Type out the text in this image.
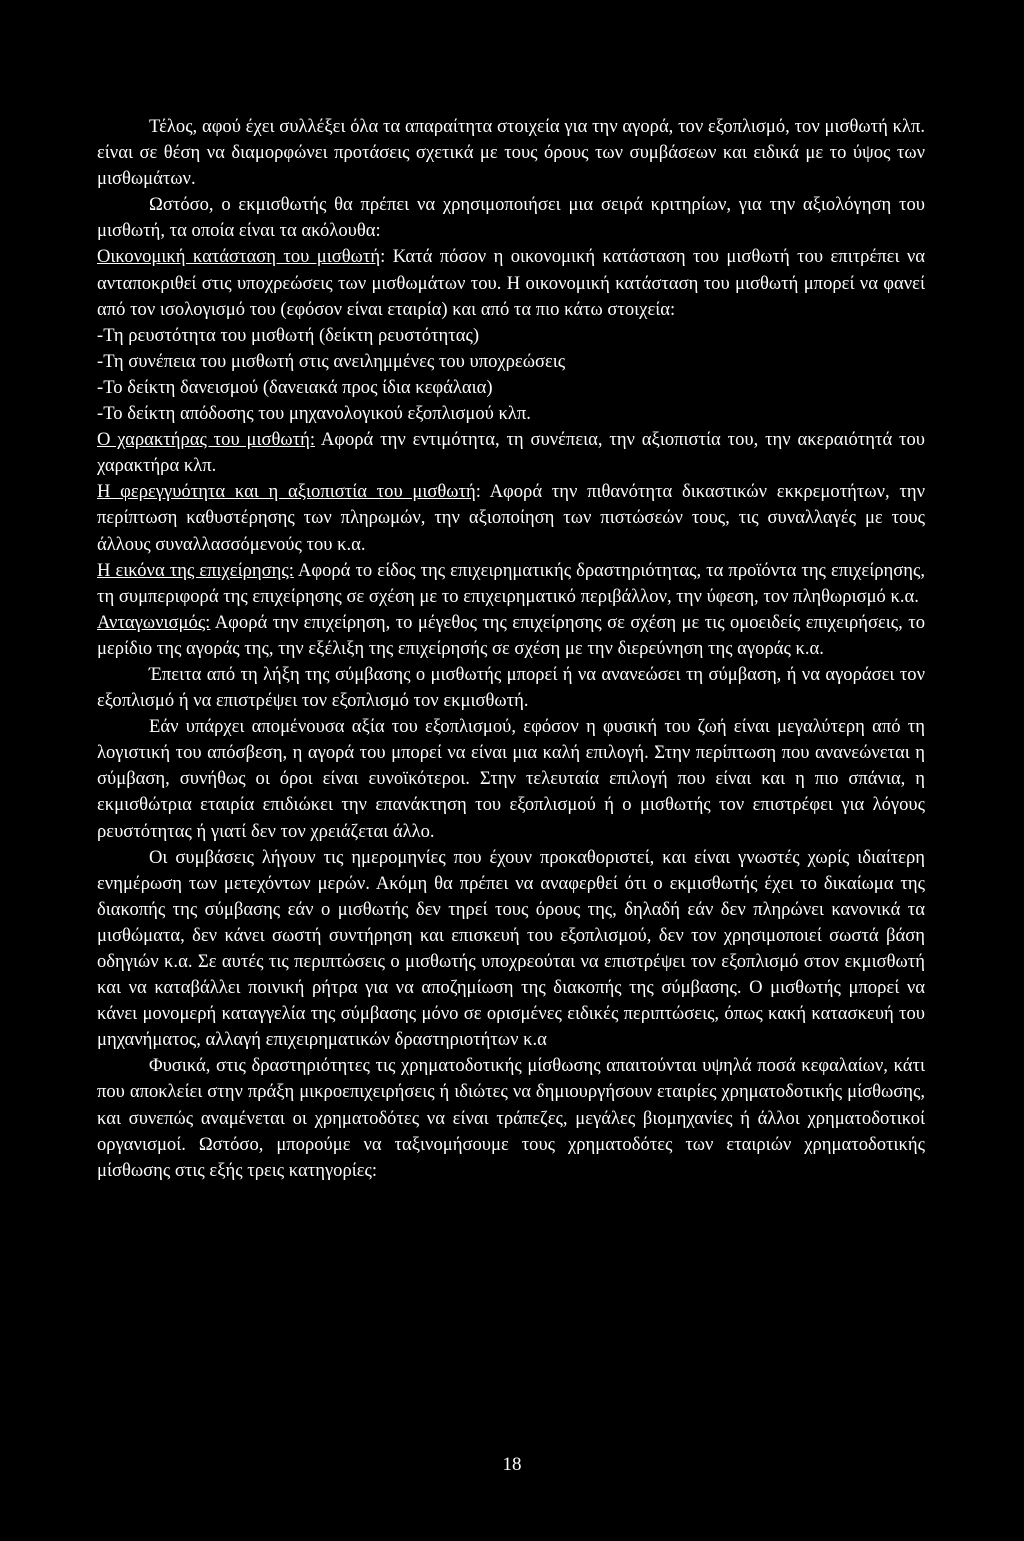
Τέλος, αφού έχει συλλέξει όλα τα απαραίτητα στοιχεία για την αγορά, τον εξοπλισμό, τον μισθωτή κλπ. είναι σε θέση να διαμορφώνει προτάσεις σχετικά με τους όρους των συμβάσεων και ειδικά με το ύψος των μισθωμάτων.

Ωστόσο, ο εκμισθωτής θα πρέπει να χρησιμοποιήσει μια σειρά κριτηρίων, για την αξιολόγηση του μισθωτή, τα οποία είναι τα ακόλουθα:

Οικονομική κατάσταση του μισθωτή: Κατά πόσον η οικονομική κατάσταση του μισθωτή του επιτρέπει να ανταποκριθεί στις υποχρεώσεις των μισθωμάτων του. Η οικονομική κατάσταση του μισθωτή μπορεί να φανεί από τον ισολογισμό του (εφόσον είναι εταιρία) και από τα πιο κάτω στοιχεία:

-Τη ρευστότητα του μισθωτή (δείκτη ρευστότητας)

-Τη συνέπεια του μισθωτή στις ανειλημμένες του υποχρεώσεις

-Το δείκτη δανεισμού (δανειακά προς ίδια κεφάλαια)

-Το δείκτη απόδοσης του μηχανολογικού εξοπλισμού κλπ.

Ο χαρακτήρας του μισθωτή: Αφορά την εντιμότητα, τη συνέπεια, την αξιοπιστία του, την ακεραιότητά του χαρακτήρα κλπ.

Η φερεγγυότητα και η αξιοπιστία του μισθωτή: Αφορά την πιθανότητα δικαστικών εκκρεμοτήτων, την περίπτωση καθυστέρησης των πληρωμών, την αξιοποίηση των πιστώσεών τους, τις συναλλαγές με τους άλλους συναλλασσόμενούς του κ.α.

Η εικόνα της επιχείρησης: Αφορά το είδος της επιχειρηματικής δραστηριότητας, τα προϊόντα της επιχείρησης, τη συμπεριφορά της επιχείρησης σε σχέση με το επιχειρηματικό περιβάλλον, την ύφεση, τον πληθωρισμό κ.α.

Ανταγωνισμός: Αφορά την επιχείρηση, το μέγεθος της επιχείρησης σε σχέση με τις ομοειδείς επιχειρήσεις, το μερίδιο της αγοράς της, την εξέλιξη της επιχείρησής σε σχέση με την διερεύνηση της αγοράς κ.α.

Έπειτα από τη λήξη της σύμβασης ο μισθωτής μπορεί ή να ανανεώσει τη σύμβαση, ή να αγοράσει τον εξοπλισμό ή να επιστρέψει τον εξοπλισμό τον εκμισθωτή.

Εάν υπάρχει απομένουσα αξία του εξοπλισμού, εφόσον η φυσική του ζωή είναι μεγαλύτερη από τη λογιστική του απόσβεση, η αγορά του μπορεί να είναι μια καλή επιλογή. Στην περίπτωση που ανανεώνεται η σύμβαση, συνήθως οι όροι είναι ευνοϊκότεροι. Στην τελευταία επιλογή που είναι και η πιο σπάνια, η εκμισθώτρια εταιρία επιδιώκει την επανάκτηση του εξοπλισμού ή ο μισθωτής τον επιστρέφει για λόγους ρευστότητας ή γιατί δεν τον χρειάζεται άλλο.

Οι συμβάσεις λήγουν τις ημερομηνίες που έχουν προκαθοριστεί, και είναι γνωστές χωρίς ιδιαίτερη ενημέρωση των μετεχόντων μερών. Ακόμη θα πρέπει να αναφερθεί ότι ο εκμισθωτής έχει το δικαίωμα της διακοπής της σύμβασης εάν ο μισθωτής δεν τηρεί τους όρους της, δηλαδή εάν δεν πληρώνει κανονικά τα μισθώματα, δεν κάνει σωστή συντήρηση και επισκευή του εξοπλισμού, δεν τον χρησιμοποιεί σωστά βάση οδηγιών κ.α. Σε αυτές τις περιπτώσεις ο μισθωτής υποχρεούται να επιστρέψει τον εξοπλισμό στον εκμισθωτή και να καταβάλλει ποινική ρήτρα για να αποζημίωση της διακοπής της σύμβασης. Ο μισθωτής μπορεί να κάνει μονομερή καταγγελία της σύμβασης μόνο σε ορισμένες ειδικές περιπτώσεις, όπως κακή κατασκευή του μηχανήματος, αλλαγή επιχειρηματικών δραστηριοτήτων κ.α

Φυσικά, στις δραστηριότητες τις χρηματοδοτικής μίσθωσης απαιτούνται υψηλά ποσά κεφαλαίων, κάτι που αποκλείει στην πράξη μικροεπιχειρήσεις ή ιδιώτες να δημιουργήσουν εταιρίες χρηματοδοτικής μίσθωσης, και συνεπώς αναμένεται οι χρηματοδότες να είναι τράπεζες, μεγάλες βιομηχανίες ή άλλοι χρηματοδοτικοί οργανισμοί. Ωστόσο, μπορούμε να ταξινομήσουμε τους χρηματοδότες των εταιριών χρηματοδοτικής μίσθωσης στις εξής τρεις κατηγορίες:

18
